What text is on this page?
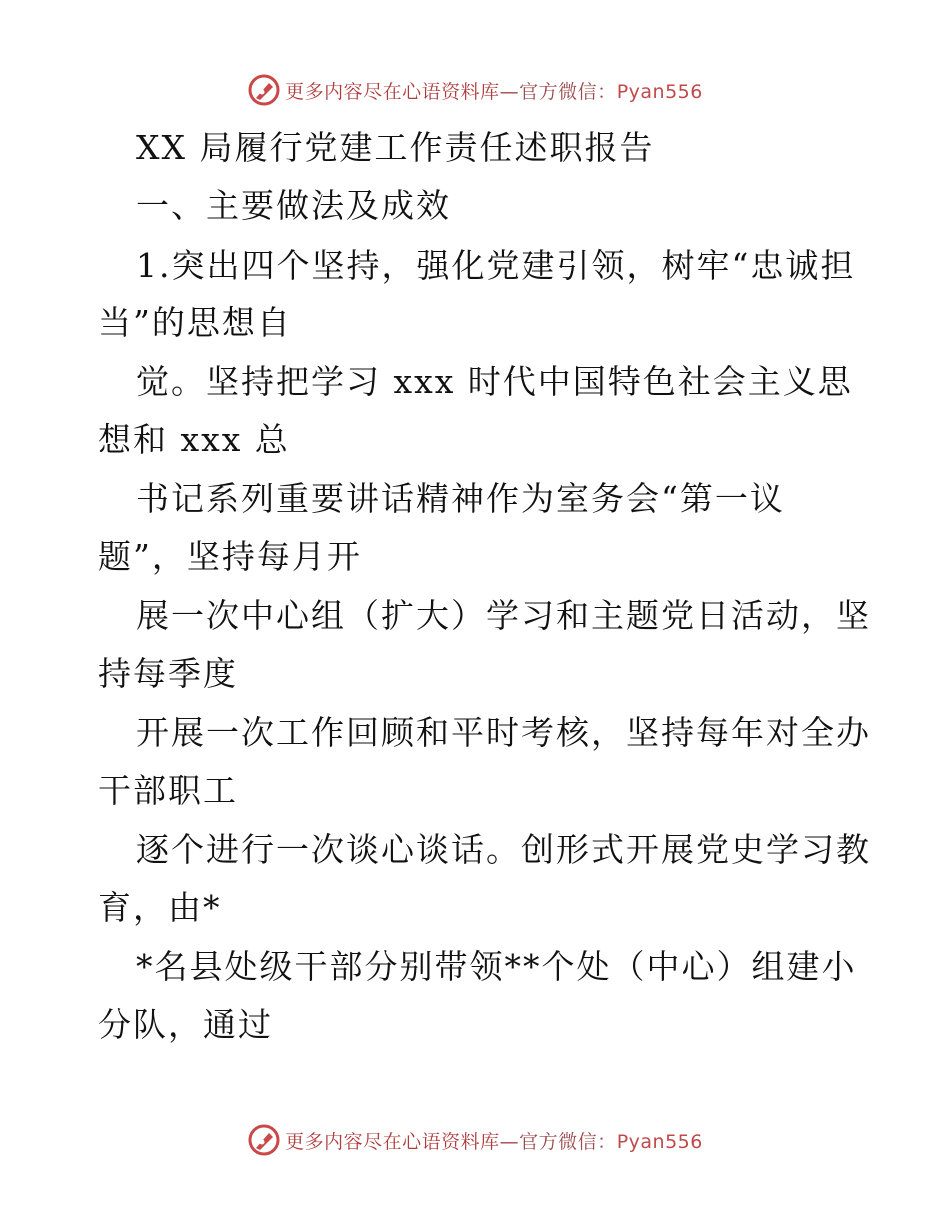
更多内容尽在心语资料库—官方微信：Pyan556
XX 局履行党建工作责任述职报告
一、主要做法及成效
1.突出四个坚持，强化党建引领，树牢“忠诚担
当”的思想自
觉。坚持把学习 xxx 时代中国特色社会主义思
想和 xxx 总
书记系列重要讲话精神作为室务会“第一议
题”，坚持每月开
展一次中心组（扩大）学习和主题党日活动，坚
持每季度
开展一次工作回顾和平时考核，坚持每年对全办
干部职工
逐个进行一次谈心谈话。创形式开展党史学习教
育，由*
*名县处级干部分别带领**个处（中心）组建小
分队，通过
更多内容尽在心语资料库—官方微信：Pyan556
